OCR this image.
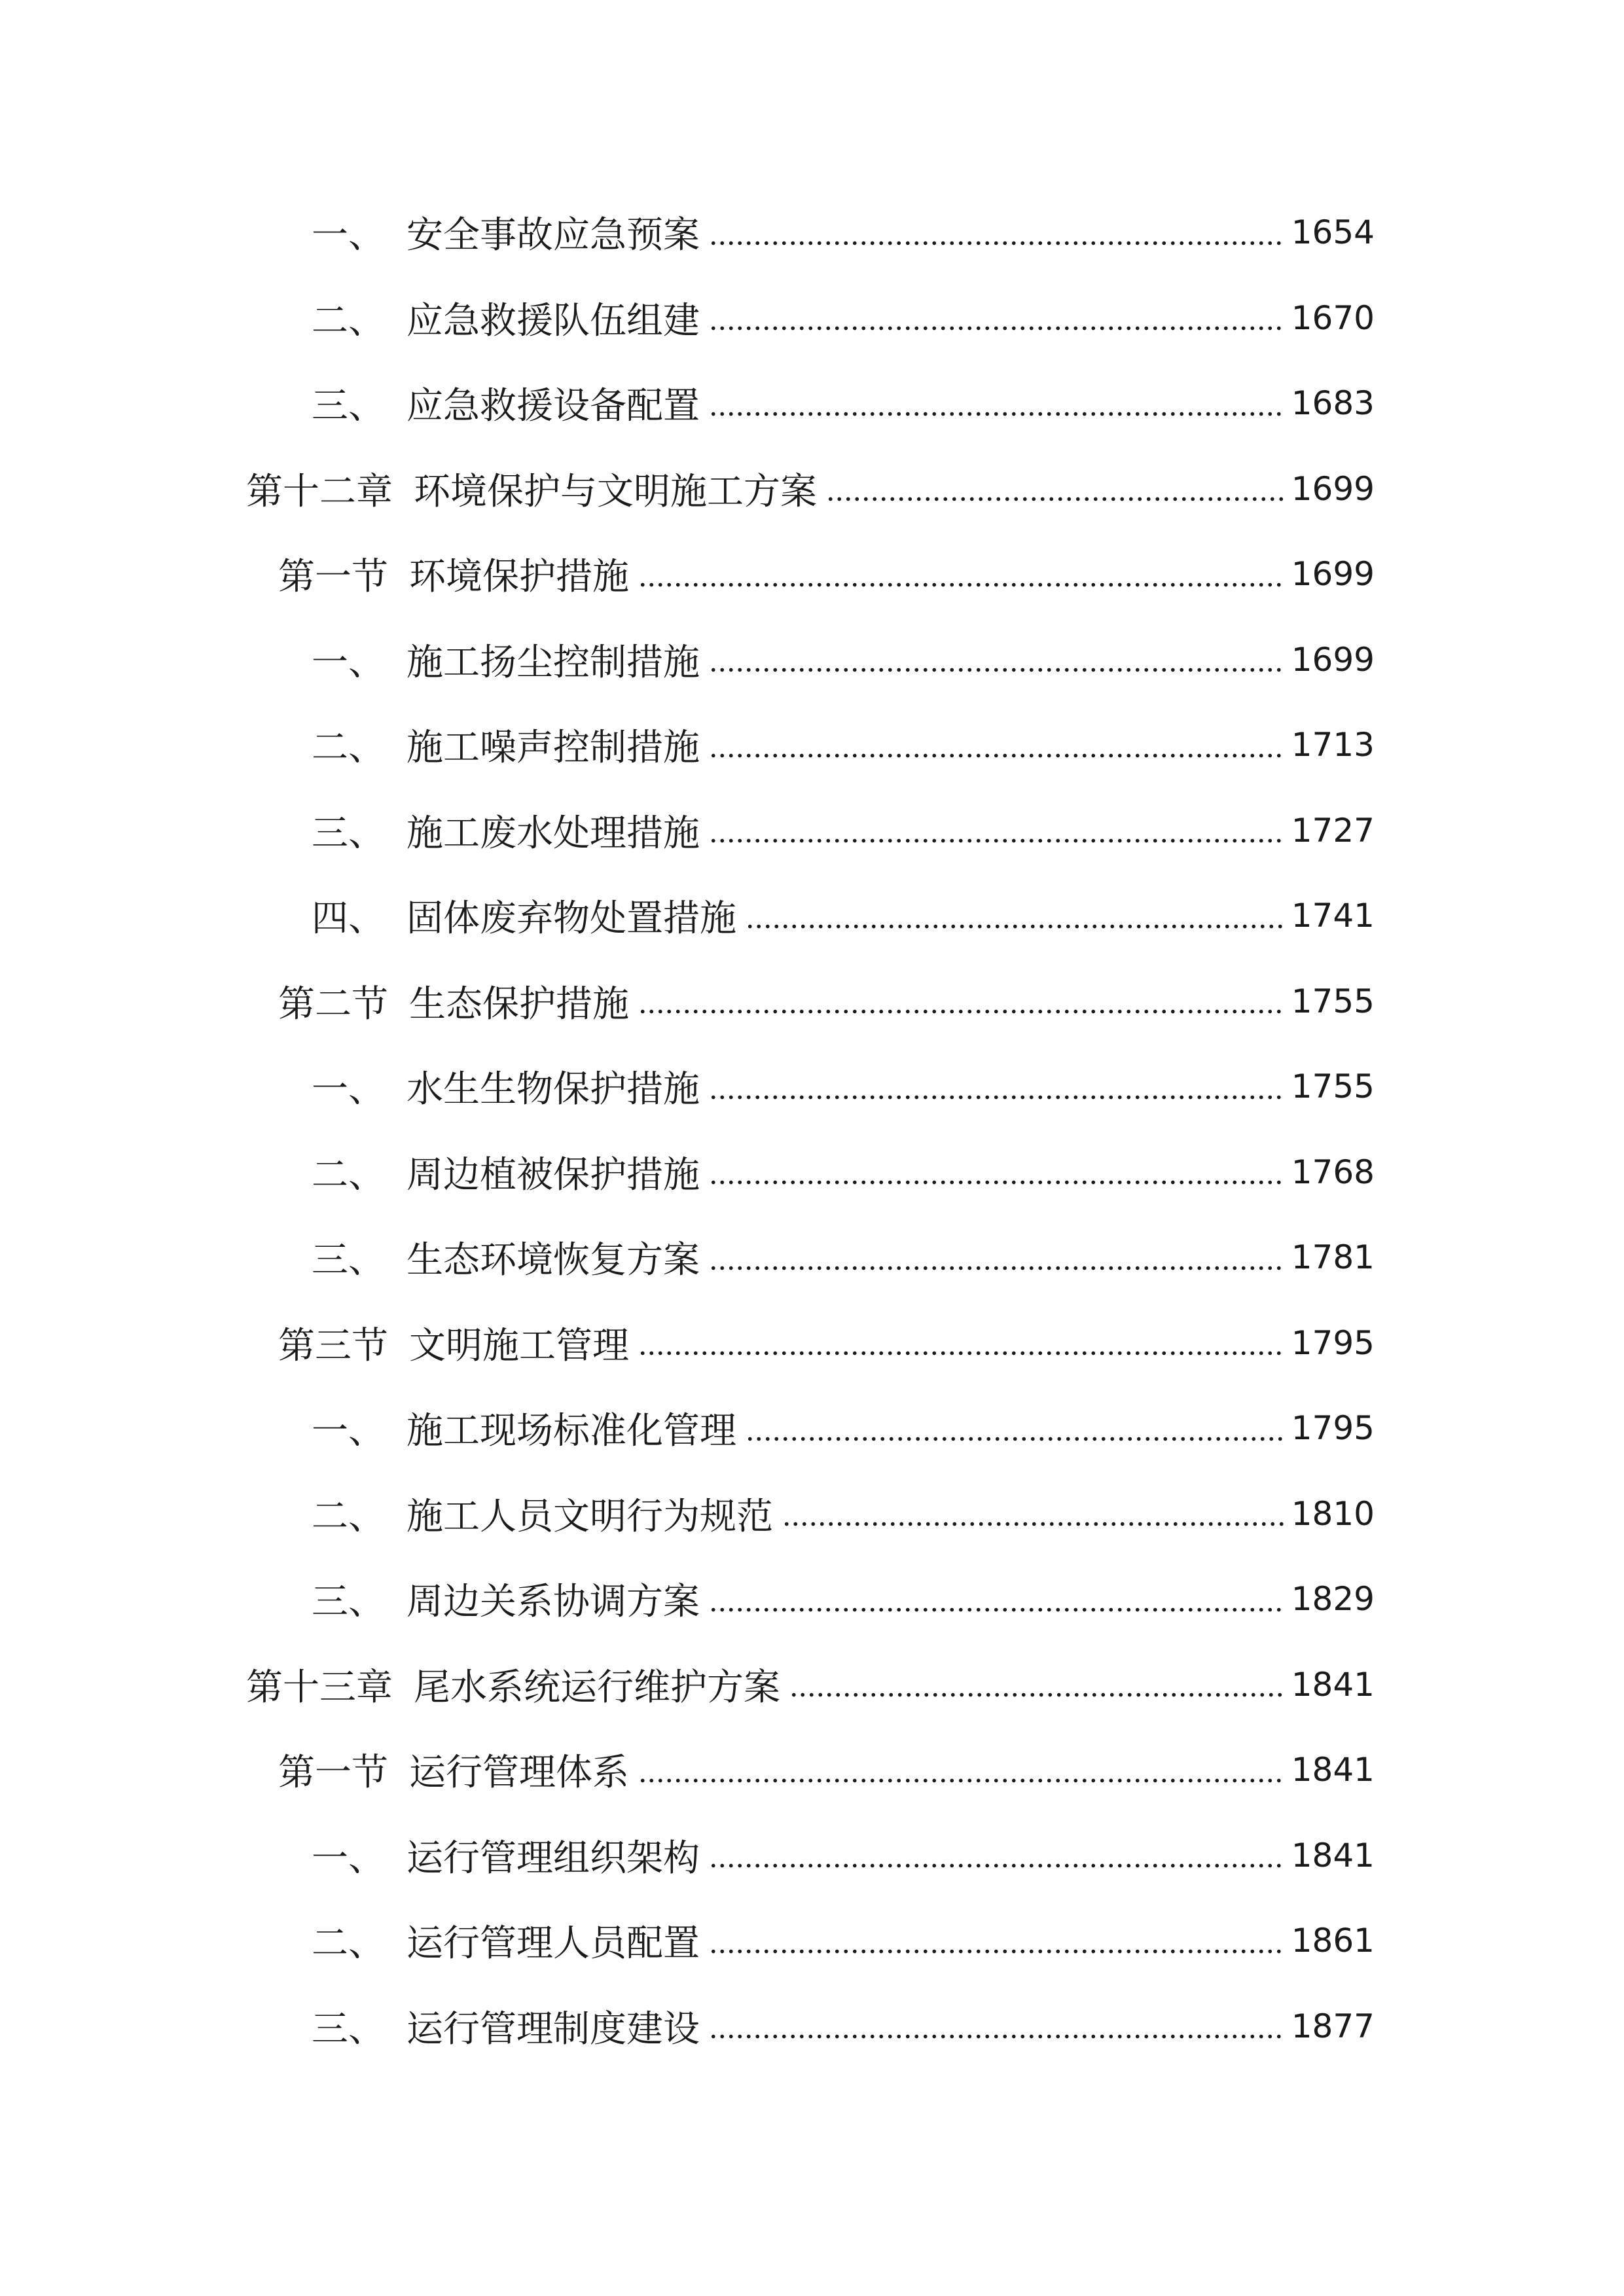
一、 安全事故应急预案	1654
二、 应急救援队伍组建	1670
三、 应急救援设备配置	1683
第十二章 环境保护与文明施工方案	1699
第一节 环境保护措施	1699
一、 施工扬尘控制措施	1699
二、 施工噪声控制措施	1713
三、 施工废水处理措施	1727
四、 固体废弃物处置措施	1741
第二节 生态保护措施	1755
一、 水生生物保护措施	1755
二、 周边植被保护措施	1768
三、 生态环境恢复方案	1781
第三节 文明施工管理	1795
一、 施工现场标准化管理	1795
二、 施工人员文明行为规范	1810
三、 周边关系协调方案	1829
第十三章 尾水系统运行维护方案	1841
第一节 运行管理体系	1841
一、 运行管理组织架构	1841
二、 运行管理人员配置	1861
三、 运行管理制度建设	1877
